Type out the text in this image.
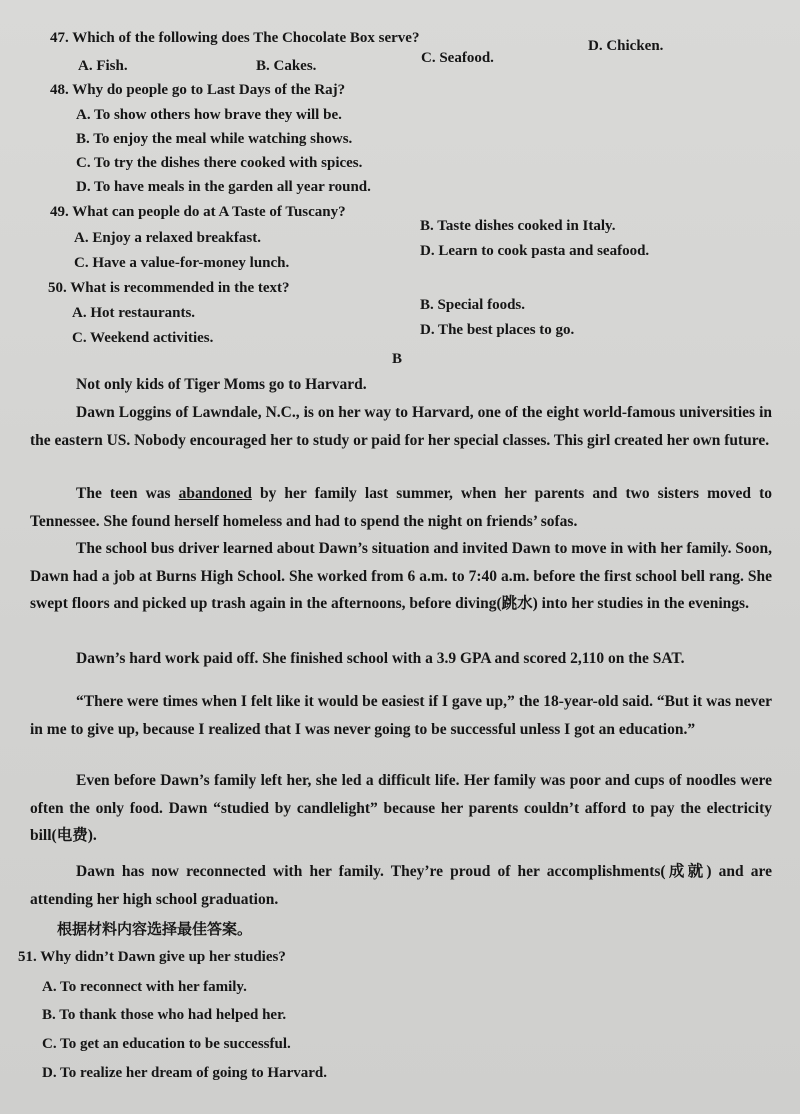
47. Which of the following does The Chocolate Box serve?
A. Fish.	B. Cakes.	C. Seafood.
D. Chicken.
48. Why do people go to Last Days of the Raj?
A. To show others how brave they will be.
B. To enjoy the meal while watching shows.
C. To try the dishes there cooked with spices.
D. To have meals in the garden all year round.
49. What can people do at A Taste of Tuscany?
A. Enjoy a relaxed breakfast.
B. Taste dishes cooked in Italy.
C. Have a value-for-money lunch.
D. Learn to cook pasta and seafood.
50. What is recommended in the text?
A. Hot restaurants.	B. Special foods.
C. Weekend activities.	D. The best places to go.
B
Not only kids of Tiger Moms go to Harvard.
Dawn Loggins of Lawndale, N.C., is on her way to Harvard, one of the eight world-famous universities in the eastern US. Nobody encouraged her to study or paid for her special classes. This girl created her own future.
The teen was abandoned by her family last summer, when her parents and two sisters moved to Tennessee. She found herself homeless and had to spend the night on friends’ sofas.
The school bus driver learned about Dawn’s situation and invited Dawn to move in with her family. Soon, Dawn had a job at Burns High School. She worked from 6 a.m. to 7:40 a.m. before the first school bell rang. She swept floors and picked up trash again in the afternoons, before diving(跳水) into her studies in the evenings.
Dawn’s hard work paid off. She finished school with a 3.9 GPA and scored 2,110 on the SAT.
“There were times when I felt like it would be easiest if I gave up,” the 18-year-old said. “But it was never in me to give up, because I realized that I was never going to be successful unless I got an education.”
Even before Dawn’s family left her, she led a difficult life. Her family was poor and cups of noodles were often the only food. Dawn “studied by candlelight” because her parents couldn’t afford to pay the electricity bill(电费).
Dawn has now reconnected with her family. They’re proud of her accomplishments(成就) and are attending her high school graduation.
根据材料内容选择最佳答案。
51. Why didn’t Dawn give up her studies?
A. To reconnect with her family.
B. To thank those who had helped her.
C. To get an education to be successful.
D. To realize her dream of going to Harvard.
